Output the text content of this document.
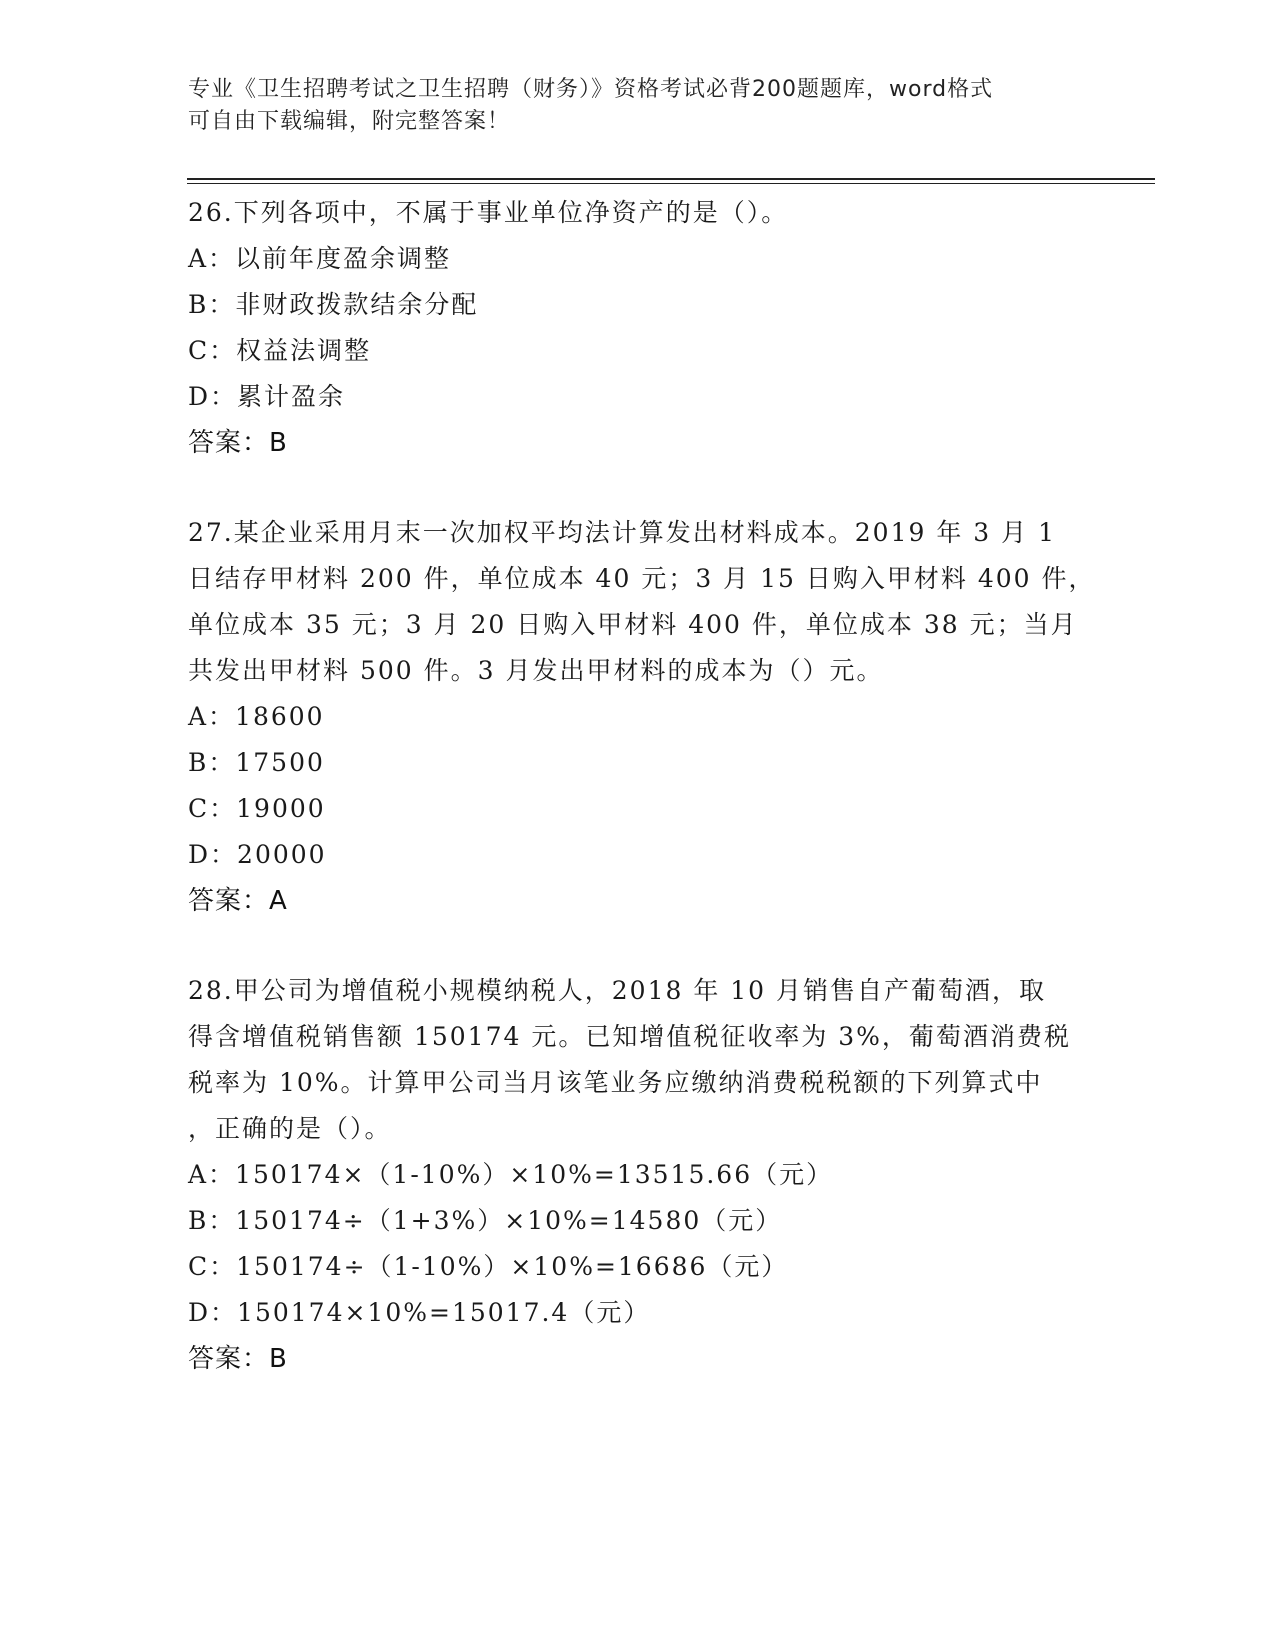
专业《卫生招聘考试之卫生招聘（财务）》资格考试必背200题题库，word格式
可自由下载编辑，附完整答案！
26.下列各项中，不属于事业单位净资产的是（）。
A：以前年度盈余调整
B：非财政拨款结余分配
C：权益法调整
D：累计盈余
答案：B
27.某企业采用月末一次加权平均法计算发出材料成本。2019 年 3 月 1
日结存甲材料 200 件，单位成本 40 元；3 月 15 日购入甲材料 400 件，
单位成本 35 元；3 月 20 日购入甲材料 400 件，单位成本 38 元；当月
共发出甲材料 500 件。3 月发出甲材料的成本为（）元。
A：18600
B：17500
C：19000
D：20000
答案：A
28.甲公司为增值税小规模纳税人，2018 年 10 月销售自产葡萄酒，取
得含增值税销售额 150174 元。已知增值税征收率为 3%，葡萄酒消费税
税率为 10%。计算甲公司当月该笔业务应缴纳消费税税额的下列算式中
，正确的是（）。
A：150174×（1-10%）×10%=13515.66（元）
B：150174÷（1+3%）×10%=14580（元）
C：150174÷（1-10%）×10%=16686（元）
D：150174×10%=15017.4（元）
答案：B
